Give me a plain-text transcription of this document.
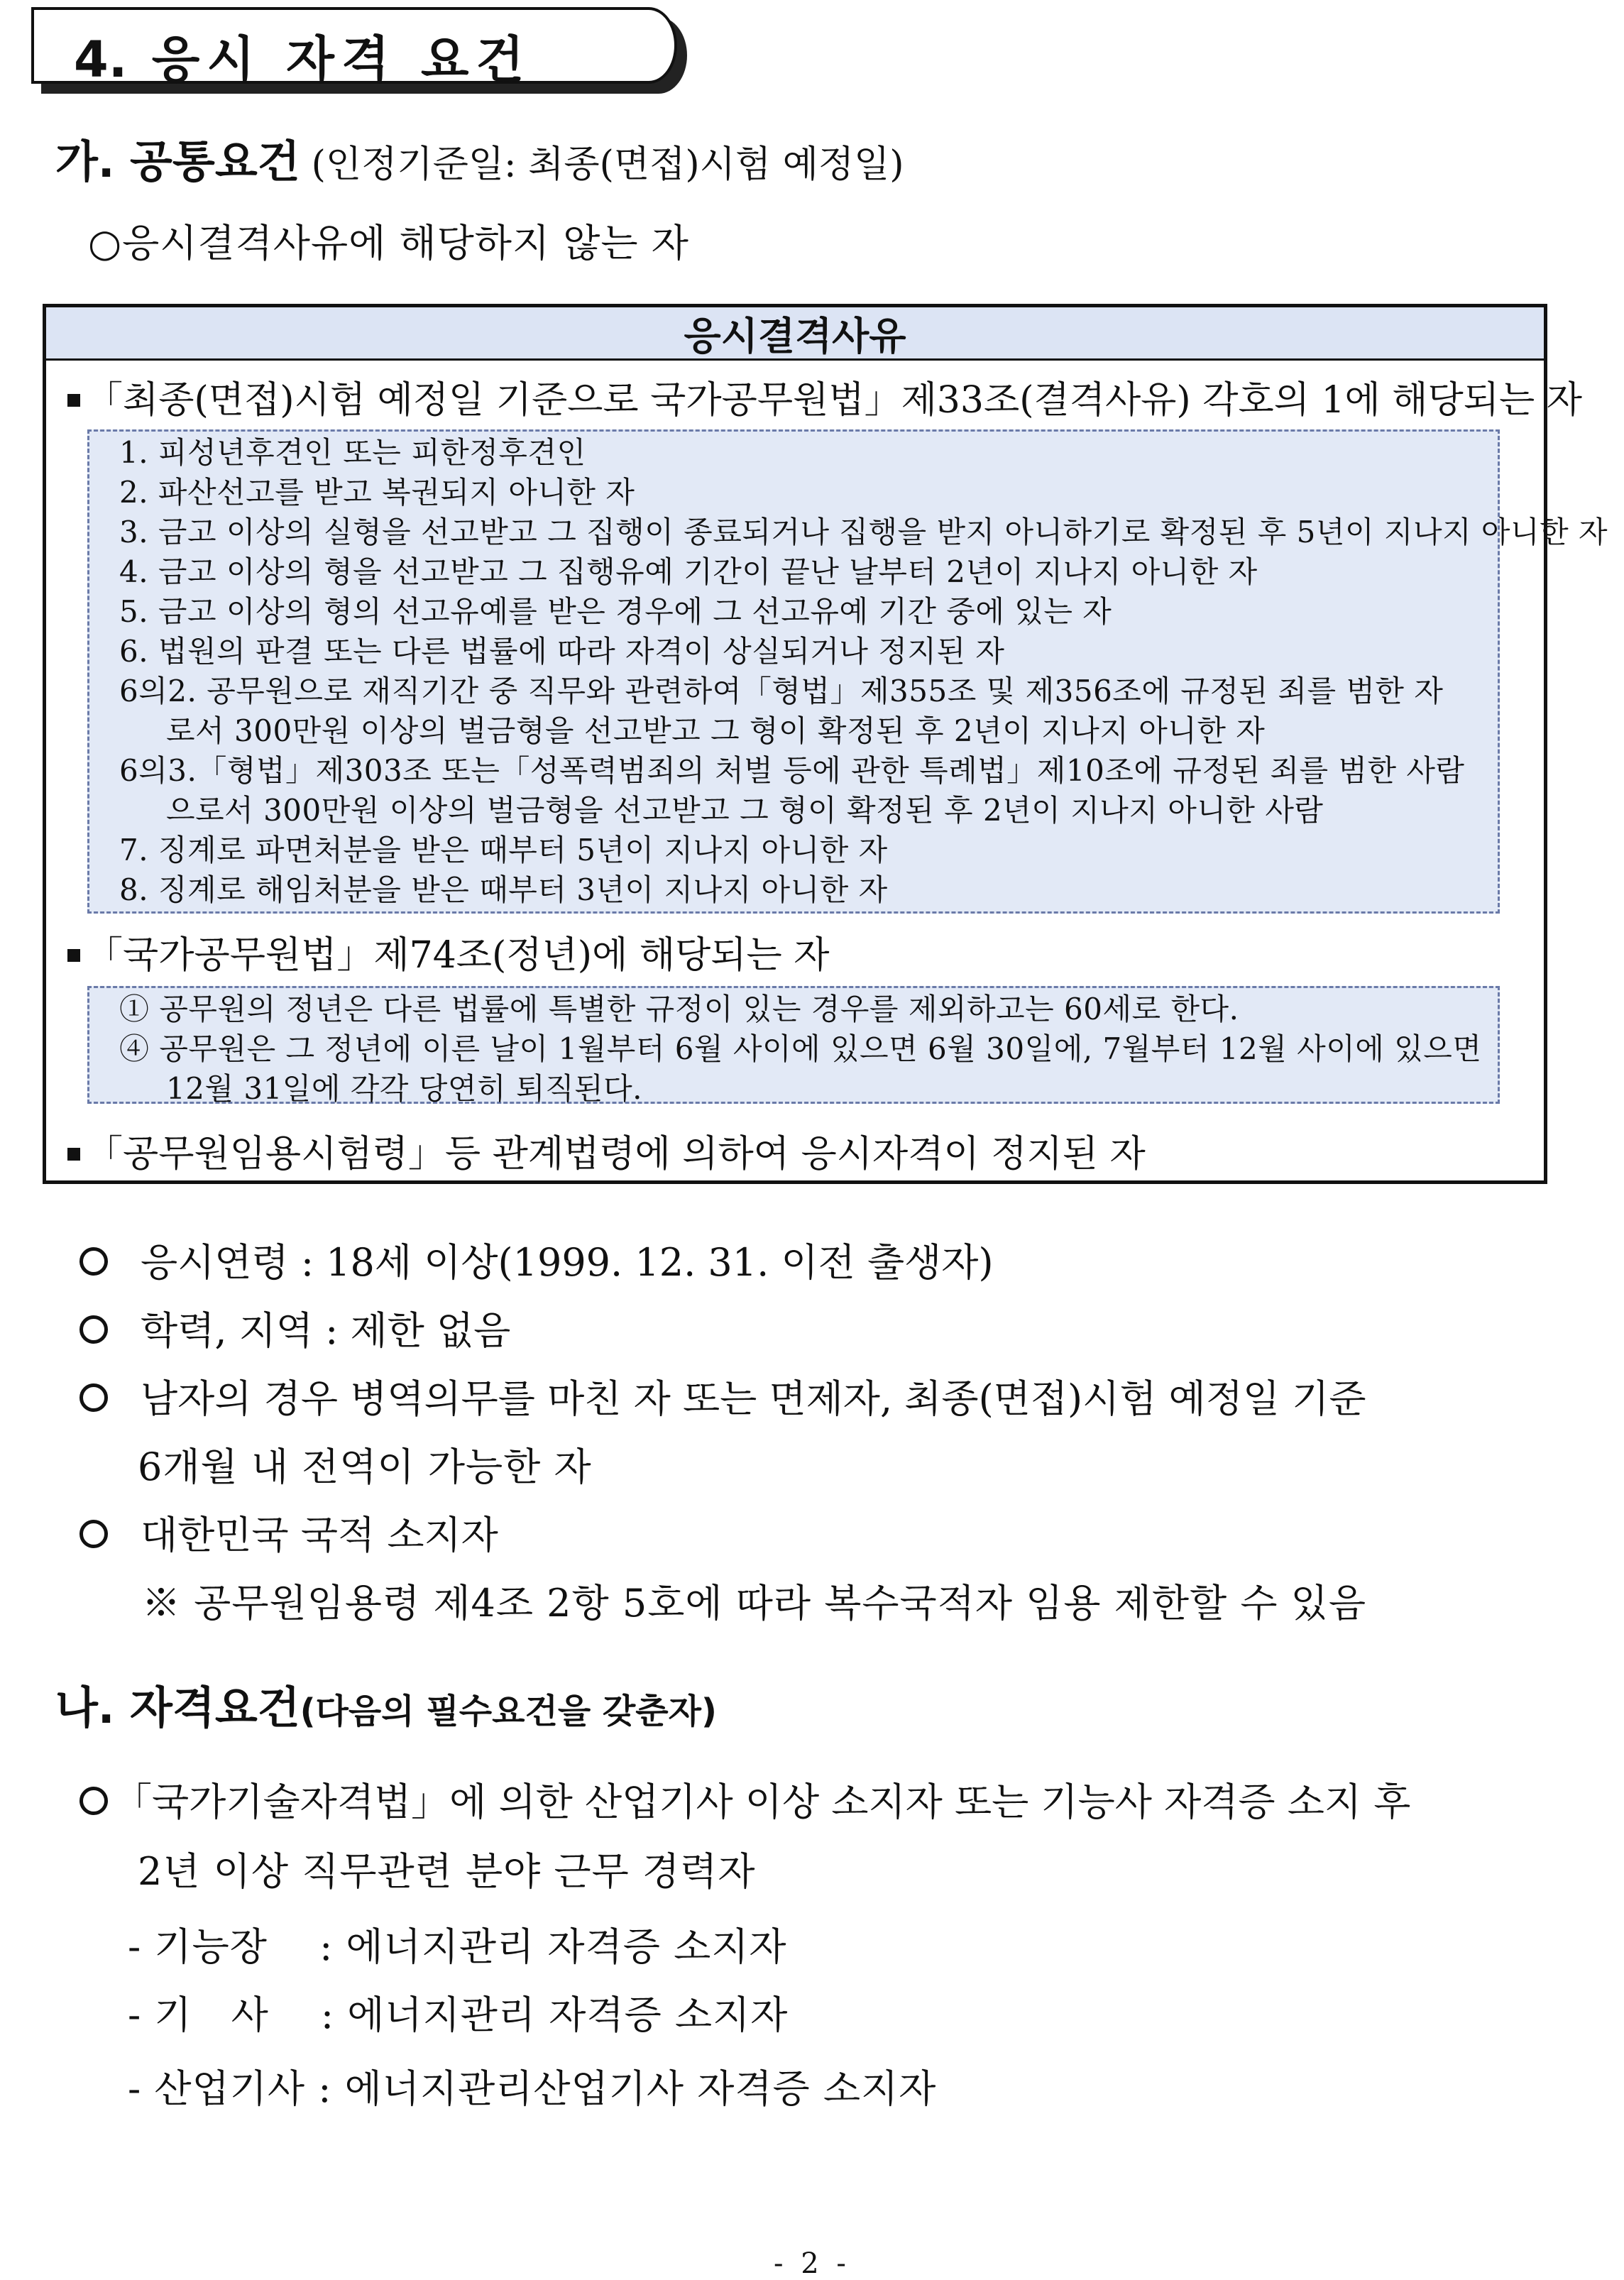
4. 응시 자격 요건
가. 공통요건 (인정기준일: 최종(면접)시험 예정일)
○응시결격사유에 해당하지 않는 자
응시결격사유
「최종(면접)시험 예정일 기준으로 국가공무원법」제33조(결격사유) 각호의 1에 해당되는 자
1. 피성년후견인 또는 피한정후견인
2. 파산선고를 받고 복권되지 아니한 자
3. 금고 이상의 실형을 선고받고 그 집행이 종료되거나 집행을 받지 아니하기로 확정된 후 5년이 지나지 아니한 자
4. 금고 이상의 형을 선고받고 그 집행유예 기간이 끝난 날부터 2년이 지나지 아니한 자
5. 금고 이상의 형의 선고유예를 받은 경우에 그 선고유예 기간 중에 있는 자
6. 법원의 판결 또는 다른 법률에 따라 자격이 상실되거나 정지된 자
6의2. 공무원으로 재직기간 중 직무와 관련하여「형법」제355조 및 제356조에 규정된 죄를 범한 자
로서 300만원 이상의 벌금형을 선고받고 그 형이 확정된 후 2년이 지나지 아니한 자
6의3.「형법」제303조 또는「성폭력범죄의 처벌 등에 관한 특례법」제10조에 규정된 죄를 범한 사람
으로서 300만원 이상의 벌금형을 선고받고 그 형이 확정된 후 2년이 지나지 아니한 사람
7. 징계로 파면처분을 받은 때부터 5년이 지나지 아니한 자
8. 징계로 해임처분을 받은 때부터 3년이 지나지 아니한 자
「국가공무원법」제74조(정년)에 해당되는 자
① 공무원의 정년은 다른 법률에 특별한 규정이 있는 경우를 제외하고는 60세로 한다.
④ 공무원은 그 정년에 이른 날이 1월부터 6월 사이에 있으면 6월 30일에, 7월부터 12월 사이에 있으면
12월 31일에 각각 당연히 퇴직된다.
「공무원임용시험령」등 관계법령에 의하여 응시자격이 정지된 자
응시연령 : 18세 이상(1999. 12. 31. 이전 출생자)
학력, 지역 : 제한 없음
남자의 경우 병역의무를 마친 자 또는 면제자, 최종(면접)시험 예정일 기준
6개월 내 전역이 가능한 자
대한민국 국적 소지자
※ 공무원임용령 제4조 2항 5호에 따라 복수국적자 임용 제한할 수 있음
나. 자격요건(다음의 필수요건을 갖춘자)
「국가기술자격법」에 의한 산업기사 이상 소지자 또는 기능사 자격증 소지 후
2년 이상 직무관련 분야 근무 경력자
- 기능장　 : 에너지관리 자격증 소지자
- 기　사　 : 에너지관리 자격증 소지자
- 산업기사 : 에너지관리산업기사 자격증 소지자
- 2 -
